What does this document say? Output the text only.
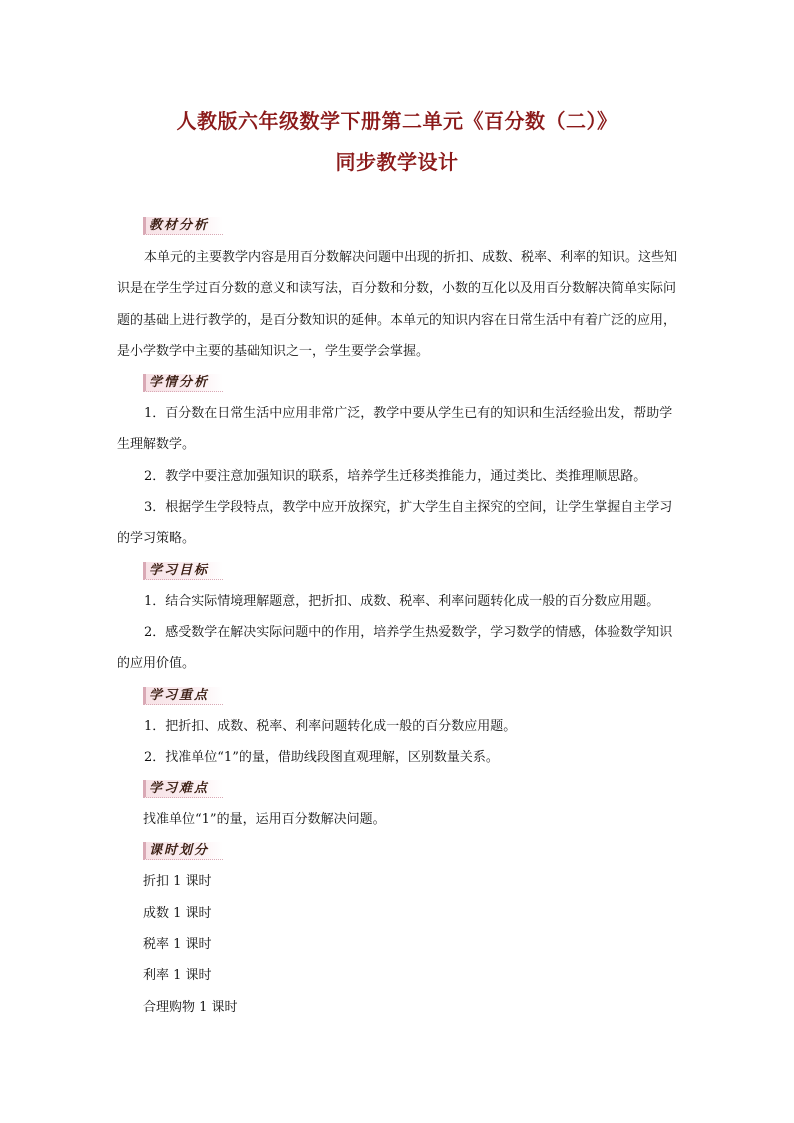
人教版六年级数学下册第二单元《百分数（二）》
同步教学设计
教材分析

本单元的主要教学内容是用百分数解决问题中出现的折扣、成数、税率、利率的知识。这些知识是在学生学过百分数的意义和读写法，百分数和分数，小数的互化以及用百分数解决简单实际问题的基础上进行教学的，是百分数知识的延伸。本单元的知识内容在日常生活中有着广泛的应用，是小学数学中主要的基础知识之一，学生要学会掌握。

学情分析

1．百分数在日常生活中应用非常广泛，教学中要从学生已有的知识和生活经验出发，帮助学生理解数学。

2．教学中要注意加强知识的联系，培养学生迁移类推能力，通过类比、类推理顺思路。

3．根据学生学段特点，教学中应开放探究，扩大学生自主探究的空间，让学生掌握自主学习的学习策略。

学习目标

1．结合实际情境理解题意，把折扣、成数、税率、利率问题转化成一般的百分数应用题。

2．感受数学在解决实际问题中的作用，培养学生热爱数学，学习数学的情感，体验数学知识的应用价值。

学习重点

1．把折扣、成数、税率、利率问题转化成一般的百分数应用题。

2．找准单位“1”的量，借助线段图直观理解，区别数量关系。

学习难点

找准单位“1”的量，运用百分数解决问题。

课时划分

折扣 1 课时

成数 1 课时

税率 1 课时

利率 1 课时

合理购物 1 课时
